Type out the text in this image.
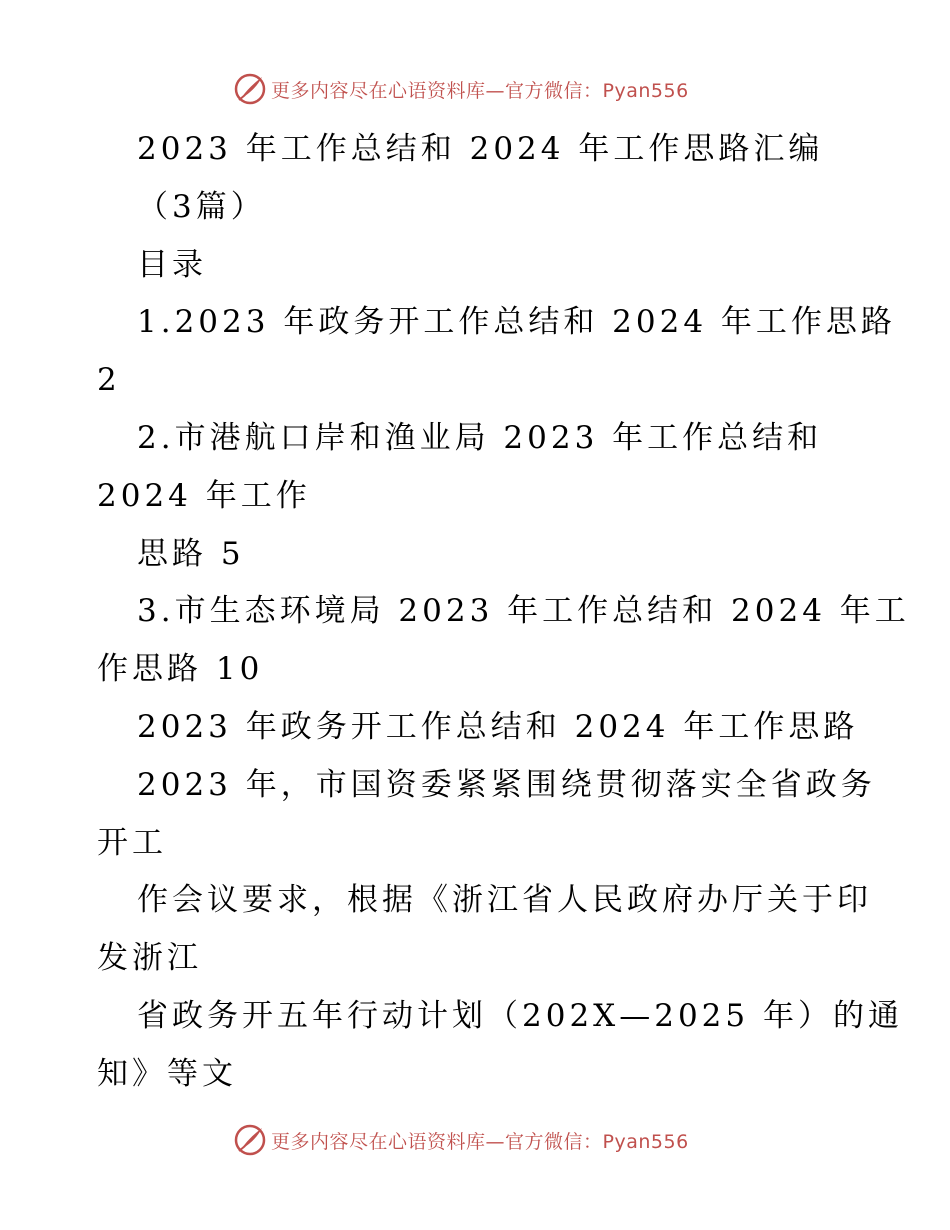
更多内容尽在心语资料库—官方微信：Pyan556
2023 年工作总结和 2024 年工作思路汇编
（3篇）
目录
1.2023 年政务开工作总结和 2024 年工作思路
2
2.市港航口岸和渔业局 2023 年工作总结和
2024 年工作
思路 5
3.市生态环境局 2023 年工作总结和 2024 年工
作思路 10
2023 年政务开工作总结和 2024 年工作思路
2023 年，市国资委紧紧围绕贯彻落实全省政务
开工
作会议要求，根据《浙江省人民政府办厅关于印
发浙江
省政务开五年行动计划（202X—2025 年）的通
知》等文
更多内容尽在心语资料库—官方微信：Pyan556
